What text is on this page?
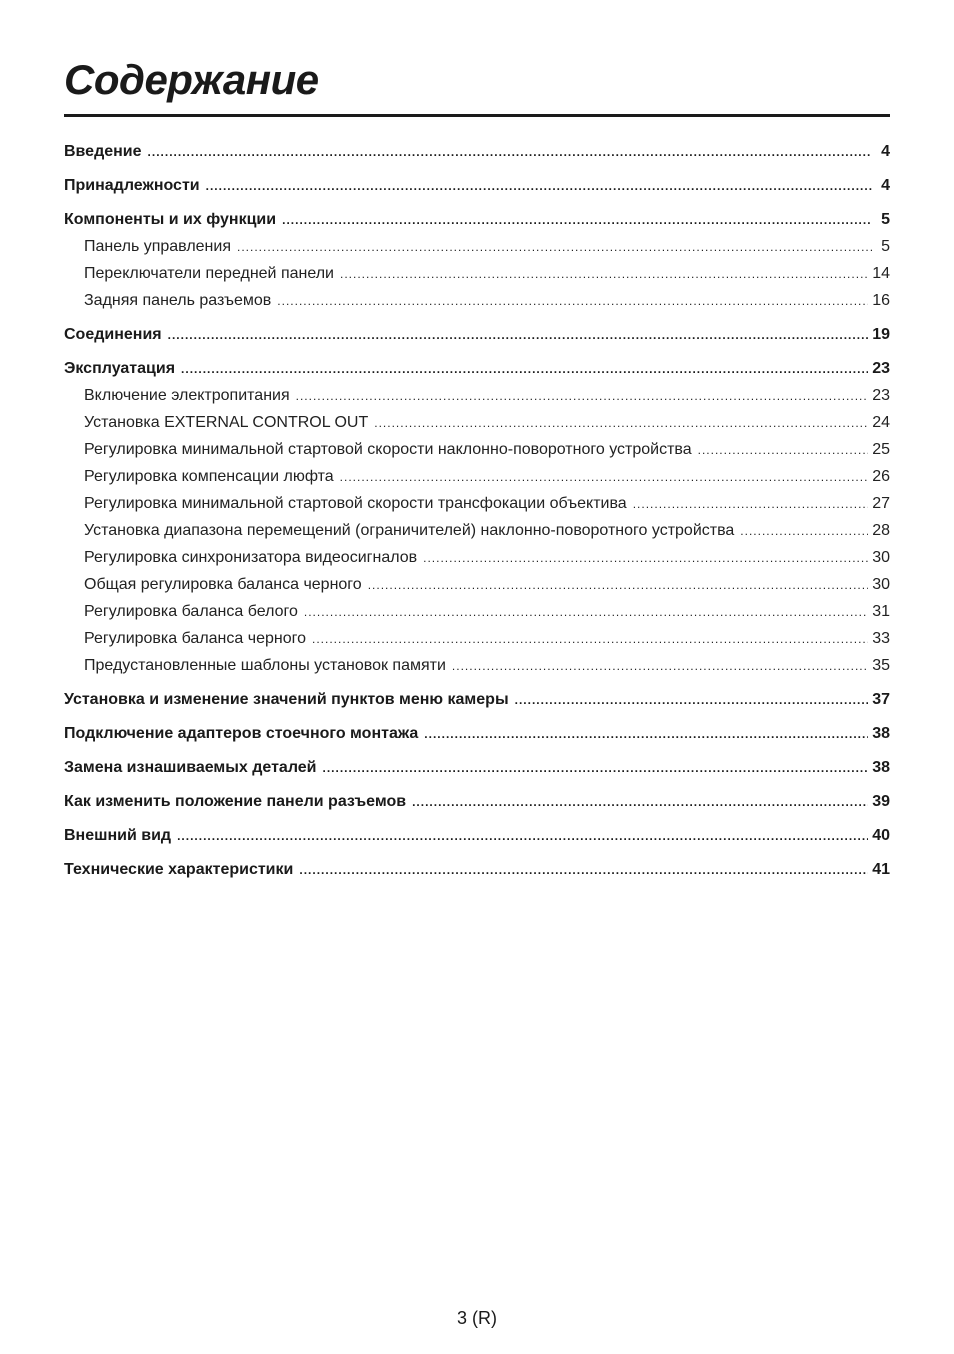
Содержание
Введение .....	4
Принадлежности .....	4
Компоненты и их функции .....	5
Панель управления .....	5
Переключатели передней панели .....	14
Задняя панель разъемов .....	16
Соединения .....	19
Эксплуатация .....	23
Включение электропитания .....	23
Установка EXTERNAL CONTROL OUT .....	24
Регулировка минимальной стартовой скорости наклонно-поворотного устройства .....	25
Регулировка компенсации люфта .....	26
Регулировка минимальной стартовой скорости трансфокации объектива .....	27
Установка диапазона перемещений (ограничителей) наклонно-поворотного устройства .....	28
Регулировка синхронизатора видеосигналов .....	30
Общая регулировка баланса черного .....	30
Регулировка баланса белого .....	31
Регулировка баланса черного .....	33
Предустановленные шаблоны установок памяти .....	35
Установка и изменение значений пунктов меню камеры .....	37
Подключение адаптеров стоечного монтажа .....	38
Замена изнашиваемых деталей .....	38
Как изменить положение панели разъемов .....	39
Внешний вид .....	40
Технические характеристики .....	41
3 (R)
